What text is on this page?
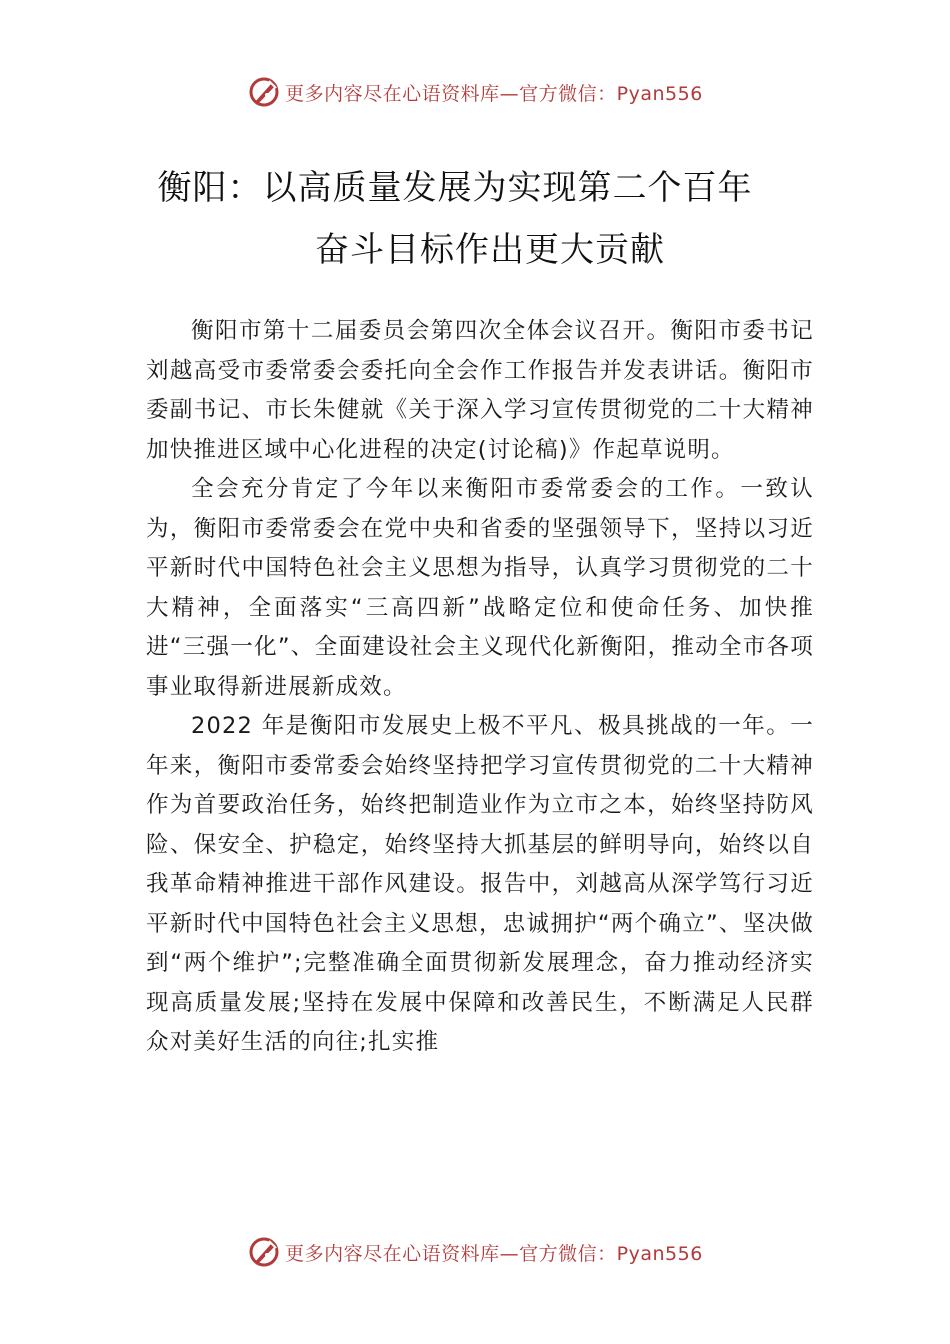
更多内容尽在心语资料库—官方微信：Pyan556
衡阳：以高质量发展为实现第二个百年
奋斗目标作出更大贡献

衡阳市第十二届委员会第四次全体会议召开。衡阳市委书记刘越高受市委常委会委托向全会作工作报告并发表讲话。衡阳市委副书记、市长朱健就《关于深入学习宣传贯彻党的二十大精神 加快推进区域中心化进程的决定(讨论稿)》作起草说明。

全会充分肯定了今年以来衡阳市委常委会的工作。一致认为，衡阳市委常委会在党中央和省委的坚强领导下，坚持以习近平新时代中国特色社会主义思想为指导，认真学习贯彻党的二十大精神，全面落实“三高四新”战略定位和使命任务、加快推进“三强一化”、全面建设社会主义现代化新衡阳，推动全市各项事业取得新进展新成效。

2022 年是衡阳市发展史上极不平凡、极具挑战的一年。一年来，衡阳市委常委会始终坚持把学习宣传贯彻党的二十大精神作为首要政治任务，始终把制造业作为立市之本，始终坚持防风险、保安全、护稳定，始终坚持大抓基层的鲜明导向，始终以自我革命精神推进干部作风建设。报告中，刘越高从深学笃行习近平新时代中国特色社会主义思想，忠诚拥护“两个确立”、坚决做到“两个维护”;完整准确全面贯彻新发展理念，奋力推动经济实现高质量发展;坚持在发展中保障和改善民生，不断满足人民群众对美好生活的向往;扎实推

更多内容尽在心语资料库—官方微信：Pyan556
